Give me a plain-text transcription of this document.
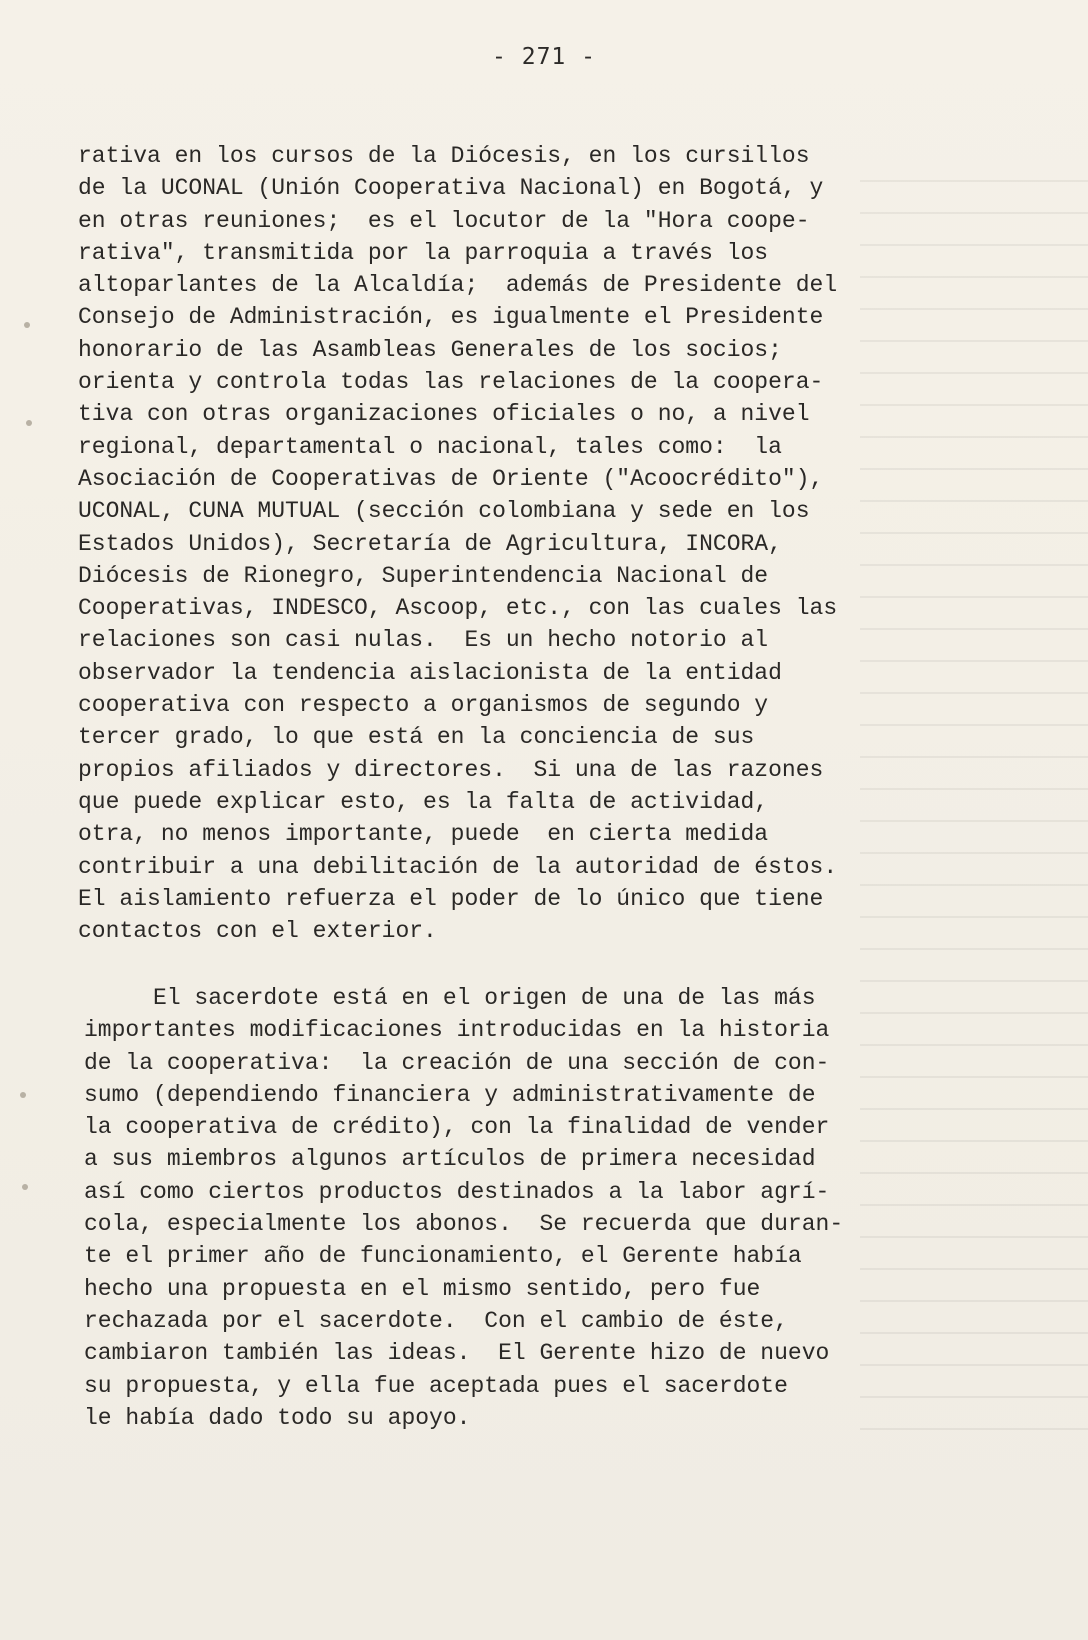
- 271 -
rativa en los cursos de la Diócesis, en los cursillos
de la UCONAL (Unión Cooperativa Nacional) en Bogotá, y
en otras reuniones;  es el locutor de la "Hora coope-
rativa", transmitida por la parroquia a través los
altoparlantes de la Alcaldía;  además de Presidente del
Consejo de Administración, es igualmente el Presidente
honorario de las Asambleas Generales de los socios;
orienta y controla todas las relaciones de la coopera-
tiva con otras organizaciones oficiales o no, a nivel
regional, departamental o nacional, tales como:  la
Asociación de Cooperativas de Oriente ("Acoocrédito"),
UCONAL, CUNA MUTUAL (sección colombiana y sede en los
Estados Unidos), Secretaría de Agricultura, INCORA,
Diócesis de Rionegro, Superintendencia Nacional de
Cooperativas, INDESCO, Ascoop, etc., con las cuales las
relaciones son casi nulas.  Es un hecho notorio al
observador la tendencia aislacionista de la entidad
cooperativa con respecto a organismos de segundo y
tercer grado, lo que está en la conciencia de sus
propios afiliados y directores.  Si una de las razones
que puede explicar esto, es la falta de actividad,
otra, no menos importante, puede  en cierta medida
contribuir a una debilitación de la autoridad de éstos.
El aislamiento refuerza el poder de lo único que tiene
contactos con el exterior.
El sacerdote está en el origen de una de las más
importantes modificaciones introducidas en la historia
de la cooperativa:  la creación de una sección de con-
sumo (dependiendo financiera y administrativamente de
la cooperativa de crédito), con la finalidad de vender
a sus miembros algunos artículos de primera necesidad
así como ciertos productos destinados a la labor agrí-
cola, especialmente los abonos.  Se recuerda que duran-
te el primer año de funcionamiento, el Gerente había
hecho una propuesta en el mismo sentido, pero fue
rechazada por el sacerdote.  Con el cambio de éste,
cambiaron también las ideas.  El Gerente hizo de nuevo
su propuesta, y ella fue aceptada pues el sacerdote
le había dado todo su apoyo.
